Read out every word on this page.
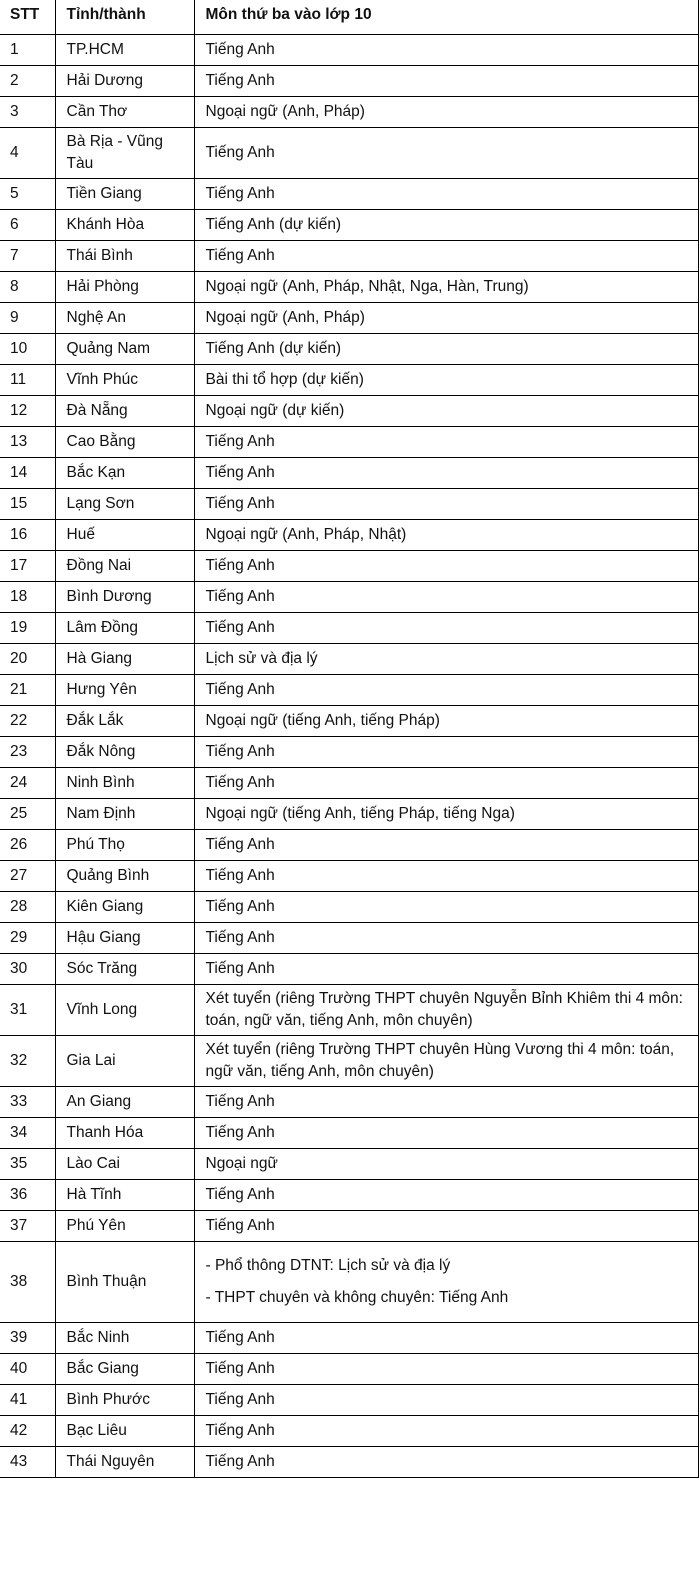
STT	Tỉnh/thành	Môn thứ ba vào lớp 10
1	TP.HCM	Tiếng Anh
2	Hải Dương	Tiếng Anh
3	Cần Thơ	Ngoại ngữ (Anh, Pháp)
4	Bà Rịa - Vũng Tàu	Tiếng Anh
5	Tiền Giang	Tiếng Anh
6	Khánh Hòa	Tiếng Anh (dự kiến)
7	Thái Bình	Tiếng Anh
8	Hải Phòng	Ngoại ngữ (Anh, Pháp, Nhật, Nga, Hàn, Trung)
9	Nghệ An	Ngoại ngữ (Anh, Pháp)
10	Quảng Nam	Tiếng Anh (dự kiến)
11	Vĩnh Phúc	Bài thi tổ hợp (dự kiến)
12	Đà Nẵng	Ngoại ngữ (dự kiến)
13	Cao Bằng	Tiếng Anh
14	Bắc Kạn	Tiếng Anh
15	Lạng Sơn	Tiếng Anh
16	Huế	Ngoại ngữ (Anh, Pháp, Nhật)
17	Đồng Nai	Tiếng Anh
18	Bình Dương	Tiếng Anh
19	Lâm Đồng	Tiếng Anh
20	Hà Giang	Lịch sử và địa lý
21	Hưng Yên	Tiếng Anh
22	Đắk Lắk	Ngoại ngữ (tiếng Anh, tiếng Pháp)
23	Đắk Nông	Tiếng Anh
24	Ninh Bình	Tiếng Anh
25	Nam Định	Ngoại ngữ (tiếng Anh, tiếng Pháp, tiếng Nga)
26	Phú Thọ	Tiếng Anh
27	Quảng Bình	Tiếng Anh
28	Kiên Giang	Tiếng Anh
29	Hậu Giang	Tiếng Anh
30	Sóc Trăng	Tiếng Anh
31	Vĩnh Long	Xét tuyển (riêng Trường THPT chuyên Nguyễn Bỉnh Khiêm thi 4 môn: toán, ngữ văn, tiếng Anh, môn chuyên)
32	Gia Lai	Xét tuyển (riêng Trường THPT chuyên Hùng Vương thi 4 môn: toán, ngữ văn, tiếng Anh, môn chuyên)
33	An Giang	Tiếng Anh
34	Thanh Hóa	Tiếng Anh
35	Lào Cai	Ngoại ngữ
36	Hà Tĩnh	Tiếng Anh
37	Phú Yên	Tiếng Anh
38	Bình Thuận	- Phổ thông DTNT: Lịch sử và địa lý
- THPT chuyên và không chuyên: Tiếng Anh

39	Bắc Ninh	Tiếng Anh
40	Bắc Giang	Tiếng Anh
41	Bình Phước	Tiếng Anh
42	Bạc Liêu	Tiếng Anh
43	Thái Nguyên	Tiếng Anh
